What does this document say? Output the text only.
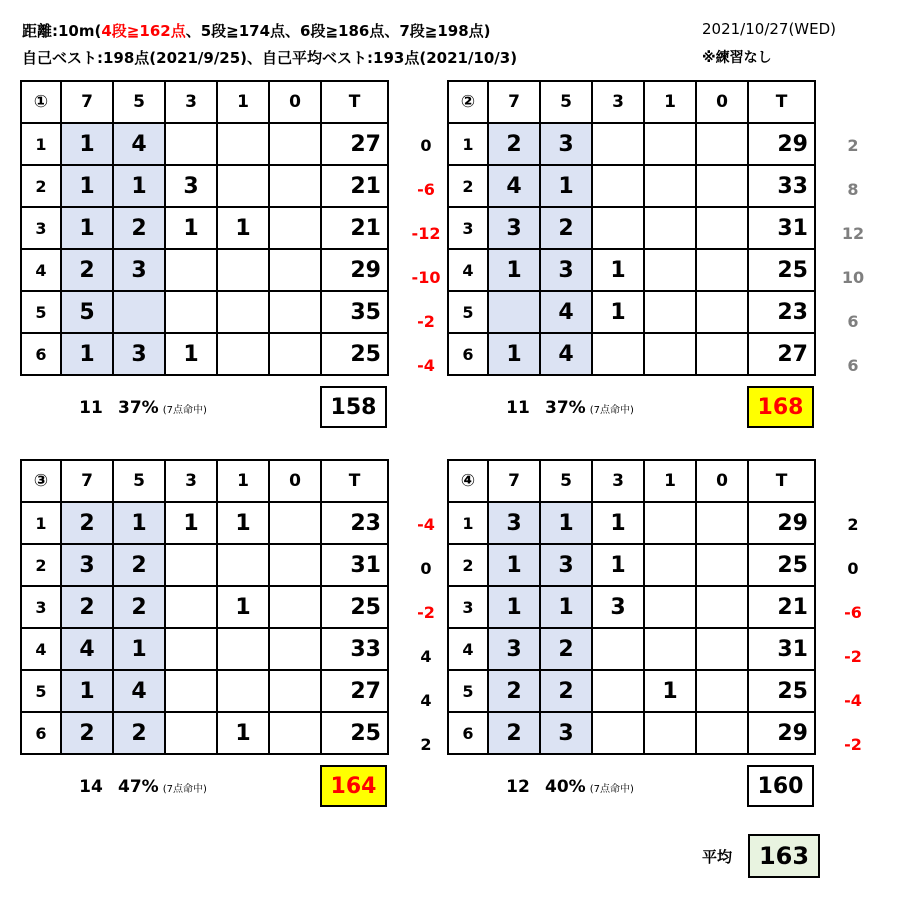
距離:10m(4段≧162点、5段≧174点、6段≧186点、7段≧198点)
自己ベスト:198点(2021/9/25)、自己平均ベスト:193点(2021/10/3)
2021/10/27(WED)
※練習なし
0
-6
-12
-10
-2
-4
①	7	5	3	1	0	T
1	1	4				27
2	1	1	3			21
3	1	2	1	1		21
4	2	3				29
5	5					35
6	1	3	1			25
11 37% (7点命中)	158
2
8
12
10
6
6
②	7	5	3	1	0	T
1	2	3				29
2	4	1				33
3	3	2				31
4	1	3	1			25
5		4	1			23
6	1	4				27
11 37% (7点命中)	168
-4
0
-2
4
4
2
③	7	5	3	1	0	T
1	2	1	1	1		23
2	3	2				31
3	2	2		1		25
4	4	1				33
5	1	4				27
6	2	2		1		25
14 47% (7点命中)	164
2
0
-6
-2
-4
-2
④	7	5	3	1	0	T
1	3	1	1			29
2	1	3	1			25
3	1	1	3			21
4	3	2				31
5	2	2		1		25
6	2	3				29
12 40% (7点命中)	160
平均	163
